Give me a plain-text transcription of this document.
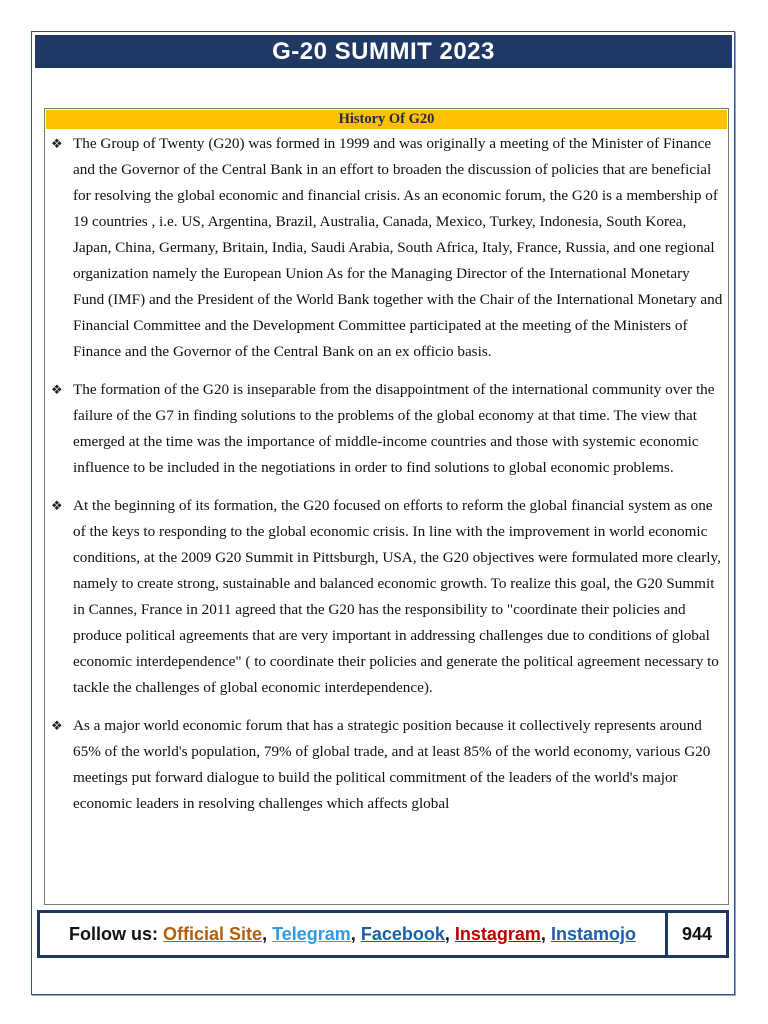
G-20 SUMMIT 2023
History Of G20
❖ The Group of Twenty (G20) was formed in 1999 and was originally a meeting of the Minister of Finance and the Governor of the Central Bank in an effort to broaden the discussion of policies that are beneficial for resolving the global economic and financial crisis. As an economic forum, the G20 is a membership of 19 countries , i.e. US, Argentina, Brazil, Australia, Canada, Mexico, Turkey, Indonesia, South Korea, Japan, China, Germany, Britain, India, Saudi Arabia, South Africa, Italy, France, Russia, and one regional organization namely the European Union As for the Managing Director of the International Monetary Fund (IMF) and the President of the World Bank together with the Chair of the International Monetary and Financial Committee and the Development Committee participated at the meeting of the Ministers of Finance and the Governor of the Central Bank on an ex officio basis.
❖ The formation of the G20 is inseparable from the disappointment of the international community over the failure of the G7 in finding solutions to the problems of the global economy at that time. The view that emerged at the time was the importance of middle-income countries and those with systemic economic influence to be included in the negotiations in order to find solutions to global economic problems.
❖ At the beginning of its formation, the G20 focused on efforts to reform the global financial system as one of the keys to responding to the global economic crisis. In line with the improvement in world economic conditions, at the 2009 G20 Summit in Pittsburgh, USA, the G20 objectives were formulated more clearly, namely to create strong, sustainable and balanced economic growth. To realize this goal, the G20 Summit in Cannes, France in 2011 agreed that the G20 has the responsibility to "coordinate their policies and produce political agreements that are very important in addressing challenges due to conditions of global economic interdependence" ( to coordinate their policies and generate the political agreement necessary to tackle the challenges of global economic interdependence).
❖ As a major world economic forum that has a strategic position because it collectively represents around 65% of the world's population, 79% of global trade, and at least 85% of the world economy, various G20 meetings put forward dialogue to build the political commitment of the leaders of the world's major economic leaders in resolving challenges which affects global
Follow us:
Official Site ,
Telegram ,
Facebook ,
Instagram ,
Instamojo	944
